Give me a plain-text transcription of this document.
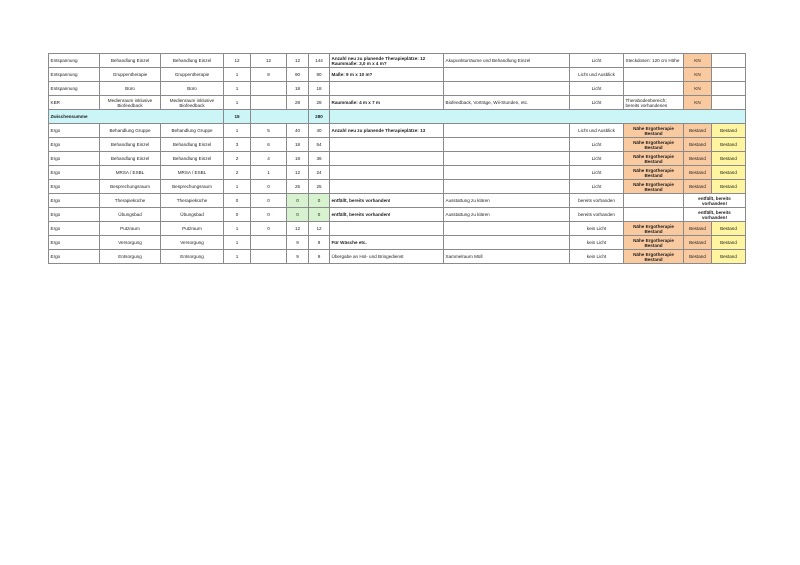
Entspannung	Behandlung Einzel	Behandlung Einzel	12	12	12	144	Anzahl neu zu planende Therapieplätze: 12 Raummaße: 3,0 m x 4 m?	Akupunkturräume und Behandlung Einzel	Licht	Steckdosen: 120 cm Höhe	KN	
Entspannung	Gruppentherapie	Gruppentherapie	1	8	90	90	Maße: 9 m x 10 m?		Licht und Ausblick		KN	
Entspannung	Büro	Büro	1		18	18			Licht		KN	
KBR	Medienraum inklusive Biofeedback	Medienraum inklusive Biofeedback	1		28	28	Raummaße: 4 m x 7 m	Biofeedback, Vorträge, Wii-Stunden, etc.	Licht	Therabodenbereich; bereits vorhandenes	KN	
Zwischensumme			15			280						
Ergo	Behandlung Gruppe	Behandlung Gruppe	1	5	40	40	Anzahl neu zu planende Therapieplätze: 13		Licht und Ausblick	Nähe Ergotherapie Bestand	Bestand	Bestand
Ergo	Behandlung Einzel	Behandlung Einzel	3	6	18	54			Licht	Nähe Ergotherapie Bestand	Bestand	Bestand
Ergo	Behandlung Einzel	Behandlung Einzel	2	4	18	36			Licht	Nähe Ergotherapie Bestand	Bestand	Bestand
Ergo	MRSA / ESBL	MRSA / ESBL	2	1	12	24			Licht	Nähe Ergotherapie Bestand	Bestand	Bestand
Ergo	Besprechungsraum	Besprechungsraum	1	0	25	25			Licht	Nähe Ergotherapie Bestand	Bestand	Bestand
Ergo	Therapieküche	Therapieküche	0	0	0	0	entfällt, bereits vorhanden!	Ausstattung zu klären	bereits vorhanden		entfällt, bereits vorhanden!	
Ergo	Übungsbad	Übungsbad	0	0	0	0	entfällt, bereits vorhanden!	Ausstattung zu klären	bereits vorhanden		entfällt, bereits vorhanden!	
Ergo	Putzraum	Putzraum	1	0	12	12			kein Licht	Nähe Ergotherapie Bestand	Bestand	Bestand
Ergo	Versorgung	Versorgung	1		9	9	Für Wäsche etc.		kein Licht	Nähe Ergotherapie Bestand	Bestand	Bestand
Ergo	Entsorgung	Entsorgung	1		9	9	Übergabe an Hol- und Bringedienst	Sammelraum Müll	kein Licht	Nähe Ergotherapie Bestand	Bestand	Bestand
